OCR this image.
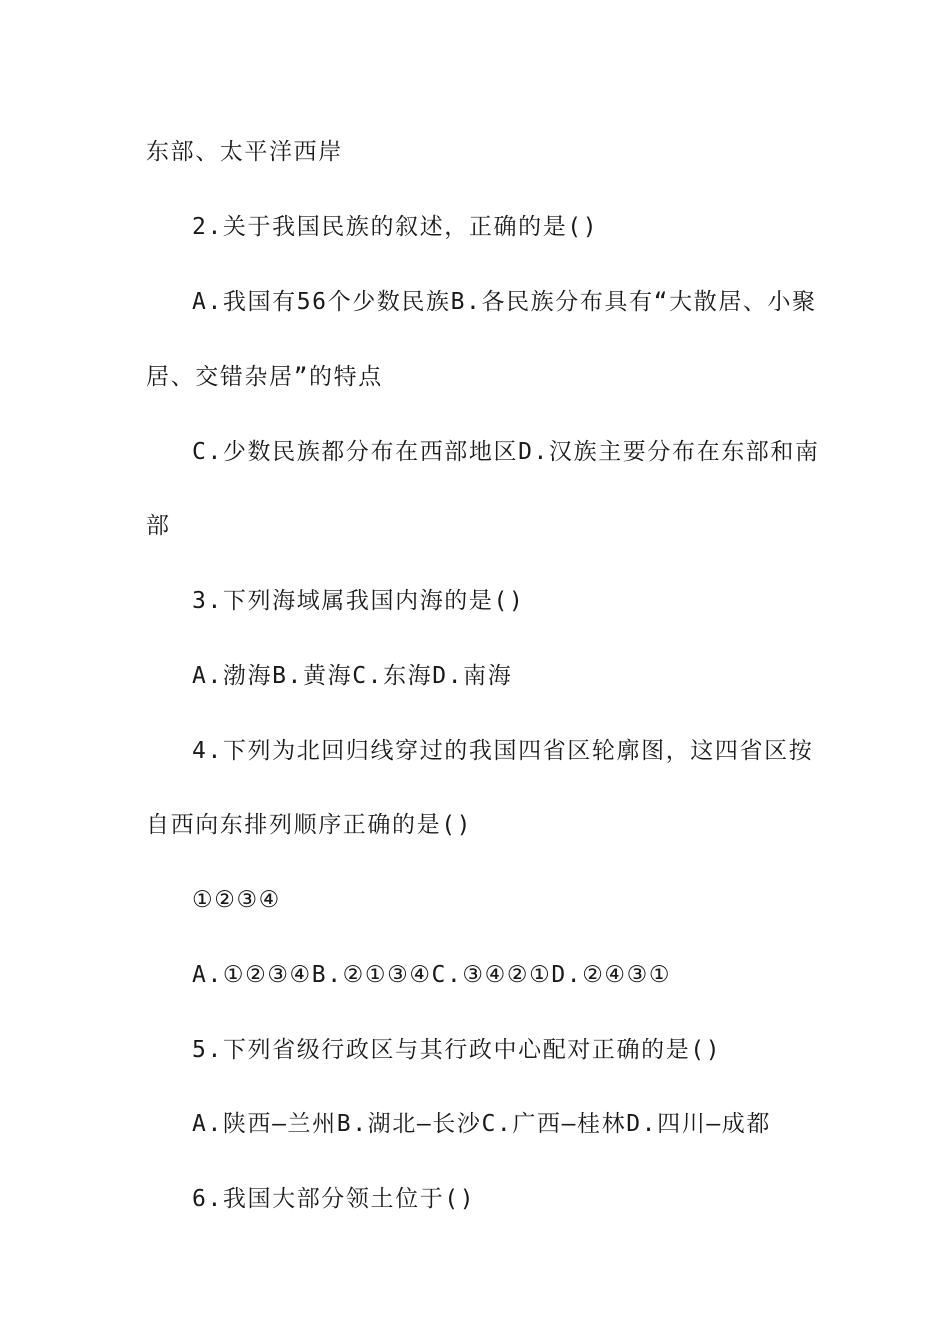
东部、太平洋西岸
2.关于我国民族的叙述，正确的是()
A.我国有56个少数民族B.各民族分布具有“大散居、小聚
居、交错杂居”的特点
C.少数民族都分布在西部地区D.汉族主要分布在东部和南
部
3.下列海域属我国内海的是()
A.渤海B.黄海C.东海D.南海
4.下列为北回归线穿过的我国四省区轮廓图，这四省区按
自西向东排列顺序正确的是()
①②③④
A.①②③④B.②①③④C.③④②①D.②④③①
5.下列省级行政区与其行政中心配对正确的是()
A.陕西—兰州B.湖北—长沙C.广西—桂林D.四川—成都
6.我国大部分领土位于()
